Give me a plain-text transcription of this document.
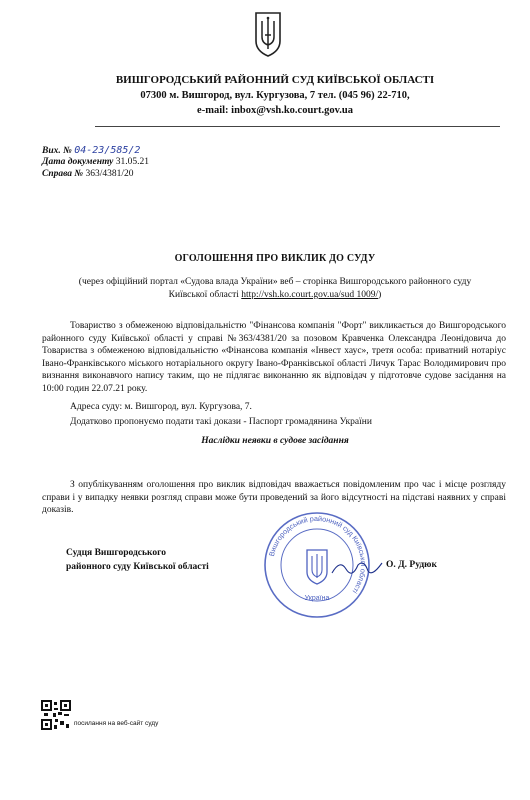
ВИШГОРОДСЬКИЙ РАЙОННИЙ СУД КИЇВСЬКОЇ ОБЛАСТІ
07300 м. Вишгород, вул. Кургузова, 7 тел. (045 96) 22-710,
e-mail: inbox@vsh.ko.court.gov.ua
Вих. № 04-23/585/2
Дата документу 31.05.21
Справа № 363/4381/20
ОГОЛОШЕННЯ ПРО ВИКЛИК ДО СУДУ
(через офіційний портал «Судова влада України» веб – сторінка Вишгородського районного суду
Київської області http://vsh.ko.court.gov.ua/sud 1009/)
Товариство з обмеженою відповідальністю "Фінансова компанія "Форт" викликається до Вишгородського районного суду Київської області у справі №363/4381/20 за позовом Кравченка Олександра Леонідовича до Товариства з обмеженою відповідальністю «Фінансова компанія «Інвест хаус», третя особа: приватний нотаріус Івано-Франківського міського нотаріального округу Івано-Франківської області Личук Тарас Володимирович про визнання виконавчого напису таким, що не підлягає виконанню як відповідач у підготовче судове засідання на 10:00 годин 22.07.21 року.
Адреса суду: м. Вишгород, вул. Кургузова, 7.
Додатково пропонуємо подати такі докази - Паспорт громадянина України
Наслідки неявки в судове засідання
З опублікуванням оголошення про виклик відповідач вважається повідомленим про час і місце розгляду справи і у випадку неявки розгляд справи може бути проведений за його відсутності на підставі наявних у справі доказів.
Вишгородський районний суд Київської області
Україна
Судця Вишгородського
районного суду Київської області	О. Д. Рудюк
посилання на веб-сайт суду
